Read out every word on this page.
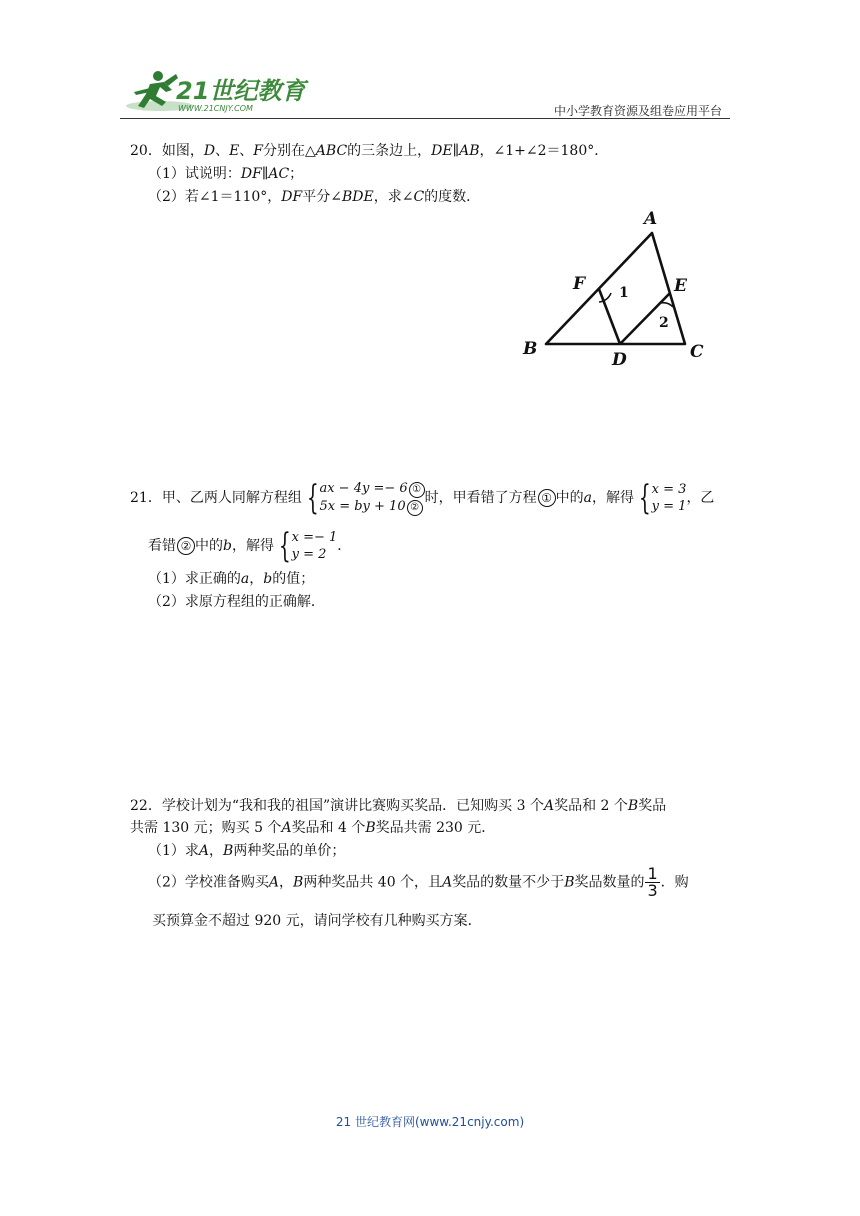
21世纪教育
WWW.21CNJY.COM	中小学教育资源及组卷应用平台
20．如图，D、E、F分别在△ABC的三条边上，DE∥AB，∠1+∠2＝180°．
（1）试说明：DF∥AC；
（2）若∠1＝110°，DF平分∠BDE，求∠C的度数．
A
B	C
D
E
F 1
2
21．甲、乙两人同解方程组 {ax − 4y =− 6 ①
5x = by + 10 ②时，甲看错了方程 ① 中的a，解得 {x = 3
y = 1，乙
看错 ② 中的b，解得 {x =− 1
y = 2．
（1）求正确的a，b的值；
（2）求原方程组的正确解．
22．学校计划为“我和我的祖国”演讲比赛购买奖品．已知购买 3 个A奖品和 2 个B奖品
共需 130 元；购买 5 个A奖品和 4 个B奖品共需 230 元．
（1）求A，B两种奖品的单价；
（2）学校准备购买A，B两种奖品共 40 个，且A奖品的数量不少于B奖品数量的 $\frac{1}{3}$ ．购
买预算金不超过 920 元，请问学校有几种购买方案．
21 世纪教育网(www.21cnjy.com)
